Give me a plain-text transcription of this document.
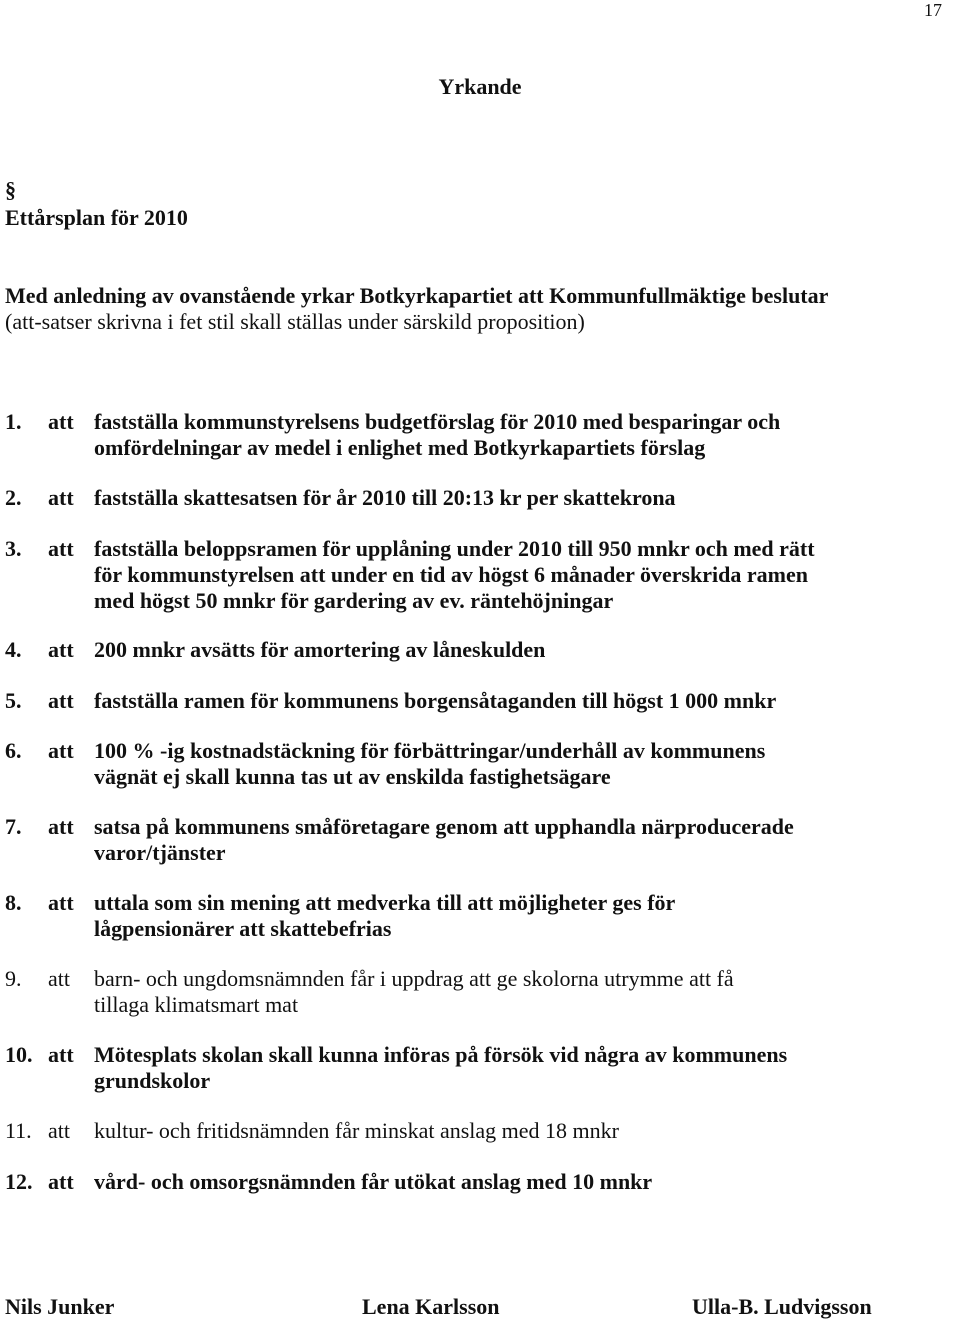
17
Yrkande
§
Ettårsplan för 2010
Med anledning av ovanstående yrkar Botkyrkapartiet att Kommunfullmäktige beslutar
(att-satser skrivna i fet stil skall ställas under särskild proposition)
1. att fastställa kommunstyrelsens budgetförslag för 2010 med besparingar och
omfördelningar av medel i enlighet med Botkyrkapartiets förslag
2. att fastställa skattesatsen för år 2010 till 20:13 kr per skattekrona
3. att fastställa beloppsramen för upplåning under 2010 till 950 mnkr och med rätt
för kommunstyrelsen att under en tid av högst 6 månader överskrida ramen
med högst 50 mnkr för gardering av ev. räntehöjningar
4. att 200 mnkr avsätts för amortering av låneskulden
5. att fastställa ramen för kommunens borgensåtaganden till högst 1 000 mnkr
6. att 100 % -ig kostnadstäckning för förbättringar/underhåll av kommunens
vägnät ej skall kunna tas ut av enskilda fastighetsägare
7. att satsa på kommunens småföretagare genom att upphandla närproducerade
varor/tjänster
8. att uttala som sin mening att medverka till att möjligheter ges för
lågpensionärer att skattebefrias
9. att barn- och ungdomsnämnden får i uppdrag att ge skolorna utrymme att få
tillaga klimatsmart mat
10. att Mötesplats skolan skall kunna införas på försök vid några av kommunens
grundskolor
11. att kultur- och fritidsnämnden får minskat anslag med 18 mnkr
12. att vård- och omsorgsnämnden får utökat anslag med 10 mnkr
Nils Junker	Lena Karlsson	Ulla-B. Ludvigsson
